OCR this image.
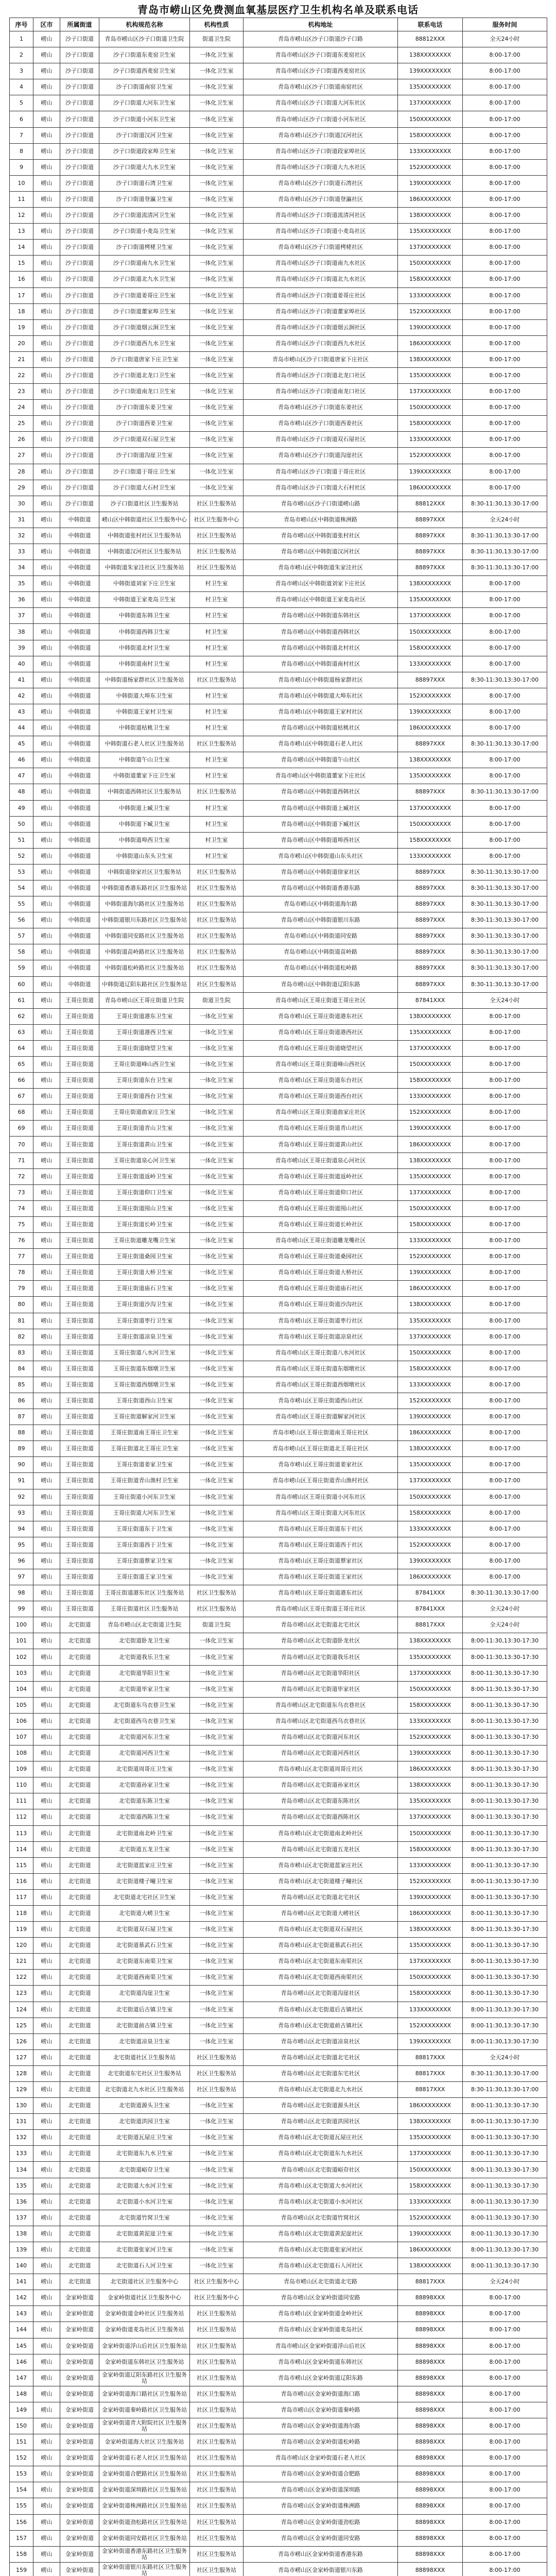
青岛市崂山区免费测血氧基层医疗卫生机构名单及联系电话
序号	区市	所属街道	机构规范名称	机构性质	机构地址	联系电话	服务时间
1	崂山	沙子口街道	青岛市崂山区沙子口街道卫生院	街道卫生院	青岛市崂山区沙子口街道沙子口路	88812XXX	全天24小时
2	崂山	沙子口街道	沙子口街道东麦窑卫生室	一体化卫生室	青岛市崂山区沙子口街道东麦窑社区	138XXXXXXXX	8:00-17:00
3	崂山	沙子口街道	沙子口街道西麦窑卫生室	一体化卫生室	青岛市崂山区沙子口街道西麦窑社区	139XXXXXXXX	8:00-17:00
4	崂山	沙子口街道	沙子口街道南窑卫生室	一体化卫生室	青岛市崂山区沙子口街道南窑社区	135XXXXXXXX	8:00-17:00
5	崂山	沙子口街道	沙子口街道大河东卫生室	一体化卫生室	青岛市崂山区沙子口街道大河东社区	137XXXXXXXX	8:00-17:00
6	崂山	沙子口街道	沙子口街道小河东卫生室	一体化卫生室	青岛市崂山区沙子口街道小河东社区	150XXXXXXXX	8:00-17:00
7	崂山	沙子口街道	沙子口街道汉河卫生室	一体化卫生室	青岛市崂山区沙子口街道汉河社区	158XXXXXXXX	8:00-17:00
8	崂山	沙子口街道	沙子口街道段家埠卫生室	一体化卫生室	青岛市崂山区沙子口街道段家埠社区	133XXXXXXXX	8:00-17:00
9	崂山	沙子口街道	沙子口街道大九水卫生室	一体化卫生室	青岛市崂山区沙子口街道大九水社区	152XXXXXXXX	8:00-17:00
10	崂山	沙子口街道	沙子口街道石湾卫生室	一体化卫生室	青岛市崂山区沙子口街道石湾社区	139XXXXXXXX	8:00-17:00
11	崂山	沙子口街道	沙子口街道登瀛卫生室	一体化卫生室	青岛市崂山区沙子口街道登瀛社区	186XXXXXXXX	8:00-17:00
12	崂山	沙子口街道	沙子口街道流清河卫生室	一体化卫生室	青岛市崂山区沙子口街道流清河社区	138XXXXXXXX	8:00-17:00
13	崂山	沙子口街道	沙子口街道小麦岛卫生室	一体化卫生室	青岛市崂山区沙子口街道小麦岛社区	135XXXXXXXX	8:00-17:00
14	崂山	沙子口街道	沙子口街道栲栳卫生室	一体化卫生室	青岛市崂山区沙子口街道栲栳社区	137XXXXXXXX	8:00-17:00
15	崂山	沙子口街道	沙子口街道南九水卫生室	一体化卫生室	青岛市崂山区沙子口街道南九水社区	150XXXXXXXX	8:00-17:00
16	崂山	沙子口街道	沙子口街道北九水卫生室	一体化卫生室	青岛市崂山区沙子口街道北九水社区	158XXXXXXXX	8:00-17:00
17	崂山	沙子口街道	沙子口街道姜哥庄卫生室	一体化卫生室	青岛市崂山区沙子口街道姜哥庄社区	133XXXXXXXX	8:00-17:00
18	崂山	沙子口街道	沙子口街道董家埠卫生室	一体化卫生室	青岛市崂山区沙子口街道董家埠社区	152XXXXXXXX	8:00-17:00
19	崂山	沙子口街道	沙子口街道烟云涧卫生室	一体化卫生室	青岛市崂山区沙子口街道烟云涧社区	139XXXXXXXX	8:00-17:00
20	崂山	沙子口街道	沙子口街道西九水卫生室	一体化卫生室	青岛市崂山区沙子口街道西九水社区	186XXXXXXXX	8:00-17:00
21	崂山	沙子口街道	沙子口街道唐家下庄卫生室	一体化卫生室	青岛市崂山区沙子口街道唐家下庄社区	138XXXXXXXX	8:00-17:00
22	崂山	沙子口街道	沙子口街道北龙口卫生室	一体化卫生室	青岛市崂山区沙子口街道北龙口社区	135XXXXXXXX	8:00-17:00
23	崂山	沙子口街道	沙子口街道南龙口卫生室	一体化卫生室	青岛市崂山区沙子口街道南龙口社区	137XXXXXXXX	8:00-17:00
24	崂山	沙子口街道	沙子口街道东姜卫生室	一体化卫生室	青岛市崂山区沙子口街道东姜社区	150XXXXXXXX	8:00-17:00
25	崂山	沙子口街道	沙子口街道西姜卫生室	一体化卫生室	青岛市崂山区沙子口街道西姜社区	158XXXXXXXX	8:00-17:00
26	崂山	沙子口街道	沙子口街道双石屋卫生室	一体化卫生室	青岛市崂山区沙子口街道双石屋社区	133XXXXXXXX	8:00-17:00
27	崂山	沙子口街道	沙子口街道沟崖卫生室	一体化卫生室	青岛市崂山区沙子口街道沟崖社区	152XXXXXXXX	8:00-17:00
28	崂山	沙子口街道	沙子口街道于哥庄卫生室	一体化卫生室	青岛市崂山区沙子口街道于哥庄社区	139XXXXXXXX	8:00-17:00
29	崂山	沙子口街道	沙子口街道大石村卫生室	一体化卫生室	青岛市崂山区沙子口街道大石村社区	186XXXXXXXX	8:00-17:00
30	崂山	沙子口街道	沙子口街道社区卫生服务站	社区卫生服务站	青岛市崂山区沙子口街道崂山路	88812XXX	8:30-11:30,13:30-17:00
31	崂山	中韩街道	崂山区中韩街道社区卫生服务中心	社区卫生服务中心	青岛市崂山区中韩街道株洲路	88897XXX	全天24小时
32	崂山	中韩街道	中韩街道张村社区卫生服务站	社区卫生服务站	青岛市崂山区中韩街道张村社区	88897XXX	8:30-11:30,13:30-17:00
33	崂山	中韩街道	中韩街道汉河社区卫生服务站	社区卫生服务站	青岛市崂山区中韩街道汉河社区	88897XXX	8:30-11:30,13:30-17:00
34	崂山	中韩街道	中韩街道朱家洼社区卫生服务站	社区卫生服务站	青岛市崂山区中韩街道朱家洼社区	88897XXX	8:30-11:30,13:30-17:00
35	崂山	中韩街道	中韩街道刘家下庄卫生室	村卫生室	青岛市崂山区中韩街道刘家下庄社区	138XXXXXXXX	8:00-17:00
36	崂山	中韩街道	中韩街道王家麦岛卫生室	村卫生室	青岛市崂山区中韩街道王家麦岛社区	135XXXXXXXX	8:00-17:00
37	崂山	中韩街道	中韩街道东韩卫生室	村卫生室	青岛市崂山区中韩街道东韩社区	137XXXXXXXX	8:00-17:00
38	崂山	中韩街道	中韩街道西韩卫生室	村卫生室	青岛市崂山区中韩街道西韩社区	150XXXXXXXX	8:00-17:00
39	崂山	中韩街道	中韩街道北村卫生室	村卫生室	青岛市崂山区中韩街道北村社区	158XXXXXXXX	8:00-17:00
40	崂山	中韩街道	中韩街道南村卫生室	村卫生室	青岛市崂山区中韩街道南村社区	133XXXXXXXX	8:00-17:00
41	崂山	中韩街道	中韩街道杨家群社区卫生服务站	社区卫生服务站	青岛市崂山区中韩街道杨家群社区	88897XXX	8:30-11:30,13:30-17:00
42	崂山	中韩街道	中韩街道大埠东卫生室	村卫生室	青岛市崂山区中韩街道大埠东社区	152XXXXXXXX	8:00-17:00
43	崂山	中韩街道	中韩街道王家村卫生室	村卫生室	青岛市崂山区中韩街道王家村社区	139XXXXXXXX	8:00-17:00
44	崂山	中韩街道	中韩街道枯桃卫生室	村卫生室	青岛市崂山区中韩街道枯桃社区	186XXXXXXXX	8:00-17:00
45	崂山	中韩街道	中韩街道石老人社区卫生服务站	社区卫生服务站	青岛市崂山区中韩街道石老人社区	88897XXX	8:30-11:30,13:30-17:00
46	崂山	中韩街道	中韩街道午山卫生室	村卫生室	青岛市崂山区中韩街道午山社区	138XXXXXXXX	8:00-17:00
47	崂山	中韩街道	中韩街道董家下庄卫生室	村卫生室	青岛市崂山区中韩街道董家下庄社区	135XXXXXXXX	8:00-17:00
48	崂山	中韩街道	中韩街道西韩社区卫生服务站	社区卫生服务站	青岛市崂山区中韩街道西韩社区	88897XXX	8:30-11:30,13:30-17:00
49	崂山	中韩街道	中韩街道上臧卫生室	村卫生室	青岛市崂山区中韩街道上臧社区	137XXXXXXXX	8:00-17:00
50	崂山	中韩街道	中韩街道下臧卫生室	村卫生室	青岛市崂山区中韩街道下臧社区	150XXXXXXXX	8:00-17:00
51	崂山	中韩街道	中韩街道埠西卫生室	村卫生室	青岛市崂山区中韩街道埠西社区	158XXXXXXXX	8:00-17:00
52	崂山	中韩街道	中韩街道山东头卫生室	村卫生室	青岛市崂山区中韩街道山东头社区	133XXXXXXXX	8:00-17:00
53	崂山	中韩街道	中韩街道徐家社区卫生服务站	社区卫生服务站	青岛市崂山区中韩街道徐家社区	88897XXX	8:30-11:30,13:30-17:00
54	崂山	中韩街道	中韩街道香港东路社区卫生服务站	社区卫生服务站	青岛市崂山区中韩街道香港东路	88897XXX	8:30-11:30,13:30-17:00
55	崂山	中韩街道	中韩街道海尔路社区卫生服务站	社区卫生服务站	青岛市崂山区中韩街道海尔路	88897XXX	8:30-11:30,13:30-17:00
56	崂山	中韩街道	中韩街道银川东路社区卫生服务站	社区卫生服务站	青岛市崂山区中韩街道银川东路	88897XXX	8:30-11:30,13:30-17:00
57	崂山	中韩街道	中韩街道同安路社区卫生服务站	社区卫生服务站	青岛市崂山区中韩街道同安路	88897XXX	8:30-11:30,13:30-17:00
58	崂山	中韩街道	中韩街道苗岭路社区卫生服务站	社区卫生服务站	青岛市崂山区中韩街道苗岭路	88897XXX	8:30-11:30,13:30-17:00
59	崂山	中韩街道	中韩街道松岭路社区卫生服务站	社区卫生服务站	青岛市崂山区中韩街道松岭路	88897XXX	8:30-11:30,13:30-17:00
60	崂山	中韩街道	中韩街道辽阳东路社区卫生服务站	社区卫生服务站	青岛市崂山区中韩街道辽阳东路	88897XXX	8:30-11:30,13:30-17:00
61	崂山	王哥庄街道	青岛市崂山区王哥庄街道卫生院	街道卫生院	青岛市崂山区王哥庄街道王哥庄社区	87841XXX	全天24小时
62	崂山	王哥庄街道	王哥庄街道港东卫生室	一体化卫生室	青岛市崂山区王哥庄街道港东社区	138XXXXXXXX	8:00-17:00
63	崂山	王哥庄街道	王哥庄街道港西卫生室	一体化卫生室	青岛市崂山区王哥庄街道港西社区	135XXXXXXXX	8:00-17:00
64	崂山	王哥庄街道	王哥庄街道晓望卫生室	一体化卫生室	青岛市崂山区王哥庄街道晓望社区	137XXXXXXXX	8:00-17:00
65	崂山	王哥庄街道	王哥庄街道峰山西卫生室	一体化卫生室	青岛市崂山区王哥庄街道峰山西社区	150XXXXXXXX	8:00-17:00
66	崂山	王哥庄街道	王哥庄街道东台卫生室	一体化卫生室	青岛市崂山区王哥庄街道东台社区	158XXXXXXXX	8:00-17:00
67	崂山	王哥庄街道	王哥庄街道西台卫生室	一体化卫生室	青岛市崂山区王哥庄街道西台社区	133XXXXXXXX	8:00-17:00
68	崂山	王哥庄街道	王哥庄街道曲家庄卫生室	一体化卫生室	青岛市崂山区王哥庄街道曲家庄社区	152XXXXXXXX	8:00-17:00
69	崂山	王哥庄街道	王哥庄街道青山卫生室	一体化卫生室	青岛市崂山区王哥庄街道青山社区	139XXXXXXXX	8:00-17:00
70	崂山	王哥庄街道	王哥庄街道黄山卫生室	一体化卫生室	青岛市崂山区王哥庄街道黄山社区	186XXXXXXXX	8:00-17:00
71	崂山	王哥庄街道	王哥庄街道泉心河卫生室	一体化卫生室	青岛市崂山区王哥庄街道泉心河社区	138XXXXXXXX	8:00-17:00
72	崂山	王哥庄街道	王哥庄街道返岭卫生室	一体化卫生室	青岛市崂山区王哥庄街道返岭社区	135XXXXXXXX	8:00-17:00
73	崂山	王哥庄街道	王哥庄街道仰口卫生室	一体化卫生室	青岛市崂山区王哥庄街道仰口社区	137XXXXXXXX	8:00-17:00
74	崂山	王哥庄街道	王哥庄街道囤山卫生室	一体化卫生室	青岛市崂山区王哥庄街道囤山社区	150XXXXXXXX	8:00-17:00
75	崂山	王哥庄街道	王哥庄街道长岭卫生室	一体化卫生室	青岛市崂山区王哥庄街道长岭社区	158XXXXXXXX	8:00-17:00
76	崂山	王哥庄街道	王哥庄街道雕龙嘴卫生室	一体化卫生室	青岛市崂山区王哥庄街道雕龙嘴社区	133XXXXXXXX	8:00-17:00
77	崂山	王哥庄街道	王哥庄街道桑园卫生室	一体化卫生室	青岛市崂山区王哥庄街道桑园社区	152XXXXXXXX	8:00-17:00
78	崂山	王哥庄街道	王哥庄街道大桥卫生室	一体化卫生室	青岛市崂山区王哥庄街道大桥社区	139XXXXXXXX	8:00-17:00
79	崂山	王哥庄街道	王哥庄街道庙石卫生室	一体化卫生室	青岛市崂山区王哥庄街道庙石社区	186XXXXXXXX	8:00-17:00
80	崂山	王哥庄街道	王哥庄街道沙沟卫生室	一体化卫生室	青岛市崂山区王哥庄街道沙沟社区	138XXXXXXXX	8:00-17:00
81	崂山	王哥庄街道	王哥庄街道枣行卫生室	一体化卫生室	青岛市崂山区王哥庄街道枣行社区	135XXXXXXXX	8:00-17:00
82	崂山	王哥庄街道	王哥庄街道凉泉卫生室	一体化卫生室	青岛市崂山区王哥庄街道凉泉社区	137XXXXXXXX	8:00-17:00
83	崂山	王哥庄街道	王哥庄街道八水河卫生室	一体化卫生室	青岛市崂山区王哥庄街道八水河社区	150XXXXXXXX	8:00-17:00
84	崂山	王哥庄街道	王哥庄街道东烟墩卫生室	一体化卫生室	青岛市崂山区王哥庄街道东烟墩社区	158XXXXXXXX	8:00-17:00
85	崂山	王哥庄街道	王哥庄街道西烟墩卫生室	一体化卫生室	青岛市崂山区王哥庄街道西烟墩社区	133XXXXXXXX	8:00-17:00
86	崂山	王哥庄街道	王哥庄街道西山卫生室	一体化卫生室	青岛市崂山区王哥庄街道西山社区	152XXXXXXXX	8:00-17:00
87	崂山	王哥庄街道	王哥庄街道解家河卫生室	一体化卫生室	青岛市崂山区王哥庄街道解家河社区	139XXXXXXXX	8:00-17:00
88	崂山	王哥庄街道	王哥庄街道南王哥庄卫生室	一体化卫生室	青岛市崂山区王哥庄街道南王哥庄社区	186XXXXXXXX	8:00-17:00
89	崂山	王哥庄街道	王哥庄街道北王哥庄卫生室	一体化卫生室	青岛市崂山区王哥庄街道北王哥庄社区	138XXXXXXXX	8:00-17:00
90	崂山	王哥庄街道	王哥庄街道姜家卫生室	一体化卫生室	青岛市崂山区王哥庄街道姜家社区	135XXXXXXXX	8:00-17:00
91	崂山	王哥庄街道	王哥庄街道青山渔村卫生室	一体化卫生室	青岛市崂山区王哥庄街道青山渔村社区	137XXXXXXXX	8:00-17:00
92	崂山	王哥庄街道	王哥庄街道小河东卫生室	一体化卫生室	青岛市崂山区王哥庄街道小河东社区	150XXXXXXXX	8:00-17:00
93	崂山	王哥庄街道	王哥庄街道大河东卫生室	一体化卫生室	青岛市崂山区王哥庄街道大河东社区	158XXXXXXXX	8:00-17:00
94	崂山	王哥庄街道	王哥庄街道东于卫生室	一体化卫生室	青岛市崂山区王哥庄街道东于社区	133XXXXXXXX	8:00-17:00
95	崂山	王哥庄街道	王哥庄街道西于卫生室	一体化卫生室	青岛市崂山区王哥庄街道西于社区	152XXXXXXXX	8:00-17:00
96	崂山	王哥庄街道	王哥庄街道蔡家卫生室	一体化卫生室	青岛市崂山区王哥庄街道蔡家社区	139XXXXXXXX	8:00-17:00
97	崂山	王哥庄街道	王哥庄街道王家卫生室	一体化卫生室	青岛市崂山区王哥庄街道王家社区	186XXXXXXXX	8:00-17:00
98	崂山	王哥庄街道	王哥庄街道港东社区卫生服务站	社区卫生服务站	青岛市崂山区王哥庄街道港东社区	87841XXX	8:30-11:30,13:30-17:00
99	崂山	王哥庄街道	王哥庄街道社区卫生服务站	社区卫生服务站	青岛市崂山区王哥庄街道王哥庄社区	87841XXX	全天24小时
100	崂山	北宅街道	青岛市崂山区北宅街道卫生院	街道卫生院	青岛市崂山区北宅街道北宅社区	88817XXX	全天24小时
101	崂山	北宅街道	北宅街道卧龙卫生室	一体化卫生室	青岛市崂山区北宅街道卧龙社区	138XXXXXXXX	8:00-11:30,13:30-17:30
102	崂山	北宅街道	北宅街道我乐卫生室	一体化卫生室	青岛市崂山区北宅街道我乐社区	135XXXXXXXX	8:00-11:30,13:30-17:30
103	崂山	北宅街道	北宅街道华阳卫生室	一体化卫生室	青岛市崂山区北宅街道华阳社区	137XXXXXXXX	8:00-11:30,13:30-17:30
104	崂山	北宅街道	北宅街道毕家卫生室	一体化卫生室	青岛市崂山区北宅街道毕家社区	150XXXXXXXX	8:00-11:30,13:30-17:30
105	崂山	北宅街道	北宅街道东乌衣巷卫生室	一体化卫生室	青岛市崂山区北宅街道东乌衣巷社区	158XXXXXXXX	8:00-11:30,13:30-17:30
106	崂山	北宅街道	北宅街道西乌衣巷卫生室	一体化卫生室	青岛市崂山区北宅街道西乌衣巷社区	133XXXXXXXX	8:00-11:30,13:30-17:30
107	崂山	北宅街道	北宅街道河东卫生室	一体化卫生室	青岛市崂山区北宅街道河东社区	152XXXXXXXX	8:00-11:30,13:30-17:30
108	崂山	北宅街道	北宅街道河西卫生室	一体化卫生室	青岛市崂山区北宅街道河西社区	139XXXXXXXX	8:00-11:30,13:30-17:30
109	崂山	北宅街道	北宅街道周哥庄卫生室	一体化卫生室	青岛市崂山区北宅街道周哥庄社区	186XXXXXXXX	8:00-11:30,13:30-17:30
110	崂山	北宅街道	北宅街道孙家卫生室	一体化卫生室	青岛市崂山区北宅街道孙家社区	138XXXXXXXX	8:00-11:30,13:30-17:30
111	崂山	北宅街道	北宅街道东陈卫生室	一体化卫生室	青岛市崂山区北宅街道东陈社区	135XXXXXXXX	8:00-11:30,13:30-17:30
112	崂山	北宅街道	北宅街道西陈卫生室	一体化卫生室	青岛市崂山区北宅街道西陈社区	137XXXXXXXX	8:00-11:30,13:30-17:30
113	崂山	北宅街道	北宅街道南北岭卫生室	一体化卫生室	青岛市崂山区北宅街道南北岭社区	150XXXXXXXX	8:00-11:30,13:30-17:30
114	崂山	北宅街道	北宅街道五龙卫生室	一体化卫生室	青岛市崂山区北宅街道五龙社区	158XXXXXXXX	8:00-11:30,13:30-17:30
115	崂山	北宅街道	北宅街道蓝家庄卫生室	一体化卫生室	青岛市崂山区北宅街道蓝家庄社区	133XXXXXXXX	8:00-11:30,13:30-17:30
116	崂山	北宅街道	北宅街道楼子疃卫生室	一体化卫生室	青岛市崂山区北宅街道楼子疃社区	152XXXXXXXX	8:00-11:30,13:30-17:30
117	崂山	北宅街道	北宅街道北宅社区卫生室	一体化卫生室	青岛市崂山区北宅街道北宅社区	139XXXXXXXX	8:00-11:30,13:30-17:30
118	崂山	北宅街道	北宅街道大崂卫生室	一体化卫生室	青岛市崂山区北宅街道大崂社区	186XXXXXXXX	8:00-11:30,13:30-17:30
119	崂山	北宅街道	北宅街道双石屋卫生室	一体化卫生室	青岛市崂山区北宅街道双石屋社区	138XXXXXXXX	8:00-11:30,13:30-17:30
120	崂山	北宅街道	北宅街道慕武石卫生室	一体化卫生室	青岛市崂山区北宅街道慕武石社区	135XXXXXXXX	8:00-11:30,13:30-17:30
121	崂山	北宅街道	北宅街道东南渠卫生室	一体化卫生室	青岛市崂山区北宅街道东南渠社区	137XXXXXXXX	8:00-11:30,13:30-17:30
122	崂山	北宅街道	北宅街道西南渠卫生室	一体化卫生室	青岛市崂山区北宅街道西南渠社区	150XXXXXXXX	8:00-11:30,13:30-17:30
123	崂山	北宅街道	北宅街道沟崖卫生室	一体化卫生室	青岛市崂山区北宅街道沟崖社区	158XXXXXXXX	8:00-11:30,13:30-17:30
124	崂山	北宅街道	北宅街道后古镇卫生室	一体化卫生室	青岛市崂山区北宅街道后古镇社区	133XXXXXXXX	8:00-11:30,13:30-17:30
125	崂山	北宅街道	北宅街道前古镇卫生室	一体化卫生室	青岛市崂山区北宅街道前古镇社区	152XXXXXXXX	8:00-11:30,13:30-17:30
126	崂山	北宅街道	北宅街道凉泉卫生室	一体化卫生室	青岛市崂山区北宅街道凉泉社区	139XXXXXXXX	8:00-11:30,13:30-17:30
127	崂山	北宅街道	北宅街道社区卫生服务站	社区卫生服务站	青岛市崂山区北宅街道北宅社区	88817XXX	全天24小时
128	崂山	北宅街道	北宅街道东宅社区卫生服务站	社区卫生服务站	青岛市崂山区北宅街道东宅社区	88817XXX	8:30-11:30,13:30-17:00
129	崂山	北宅街道	北宅街道北九水社区卫生服务站	社区卫生服务站	青岛市崂山区北宅街道北九水社区	88817XXX	8:30-11:30,13:30-17:00
130	崂山	北宅街道	北宅街道源头卫生室	一体化卫生室	青岛市崂山区北宅街道源头社区	186XXXXXXXX	8:00-11:30,13:30-17:30
131	崂山	北宅街道	北宅街道洪园卫生室	一体化卫生室	青岛市崂山区北宅街道洪园社区	138XXXXXXXX	8:00-11:30,13:30-17:30
132	崂山	北宅街道	北宅街道瓦屋庄卫生室	一体化卫生室	青岛市崂山区北宅街道瓦屋庄社区	135XXXXXXXX	8:00-11:30,13:30-17:30
133	崂山	北宅街道	北宅街道东九水卫生室	一体化卫生室	青岛市崂山区北宅街道东九水社区	137XXXXXXXX	8:00-11:30,13:30-17:30
134	崂山	北宅街道	北宅街道峪夼卫生室	一体化卫生室	青岛市崂山区北宅街道峪夼社区	150XXXXXXXX	8:00-11:30,13:30-17:30
135	崂山	北宅街道	北宅街道大水河卫生室	一体化卫生室	青岛市崂山区北宅街道大水河社区	158XXXXXXXX	8:00-11:30,13:30-17:30
136	崂山	北宅街道	北宅街道小水河卫生室	一体化卫生室	青岛市崂山区北宅街道小水河社区	133XXXXXXXX	8:00-11:30,13:30-17:30
137	崂山	北宅街道	北宅街道竹窝卫生室	一体化卫生室	青岛市崂山区北宅街道竹窝社区	152XXXXXXXX	8:00-11:30,13:30-17:30
138	崂山	北宅街道	北宅街道黄泥崖卫生室	一体化卫生室	青岛市崂山区北宅街道黄泥崖社区	139XXXXXXXX	8:00-11:30,13:30-17:30
139	崂山	北宅街道	北宅街道张家河卫生室	一体化卫生室	青岛市崂山区北宅街道张家河社区	186XXXXXXXX	8:00-11:30,13:30-17:30
140	崂山	北宅街道	北宅街道石人河卫生室	一体化卫生室	青岛市崂山区北宅街道石人河社区	138XXXXXXXX	8:00-11:30,13:30-17:30
141	崂山	北宅街道	北宅街道社区卫生服务中心	社区卫生服务中心	青岛市崂山区北宅街道北宅路	88817XXX	全天24小时
142	崂山	金家岭街道	金家岭街道社区卫生服务中心	社区卫生服务中心	青岛市崂山区金家岭街道同安路	88898XXX	8:00-17:00
143	崂山	金家岭街道	金家岭街道金岭社区卫生服务站	社区卫生服务站	青岛市崂山区金家岭街道金岭社区	88898XXX	8:00-17:00
144	崂山	金家岭街道	金家岭街道麦岛社区卫生服务站	社区卫生服务站	青岛市崂山区金家岭街道麦岛社区	88898XXX	8:00-17:00
145	崂山	金家岭街道	金家岭街道浮山后社区卫生服务站	社区卫生服务站	青岛市崂山区金家岭街道浮山后社区	88898XXX	8:00-17:00
146	崂山	金家岭街道	金家岭街道东韩社区卫生服务站	社区卫生服务站	青岛市崂山区金家岭街道东韩社区	88898XXX	8:00-17:00
147	崂山	金家岭街道	金家岭街道辽阳东路社区卫生服务站	社区卫生服务站	青岛市崂山区金家岭街道辽阳东路	88898XXX	8:00-17:00
148	崂山	金家岭街道	金家岭街道海口路社区卫生服务站	社区卫生服务站	青岛市崂山区金家岭街道海口路	88898XXX	8:00-17:00
149	崂山	金家岭街道	金家岭街道秦岭路社区卫生服务站	社区卫生服务站	青岛市崂山区金家岭街道秦岭路	88898XXX	8:00-17:00
150	崂山	金家岭街道	金家岭街道青大附院社区卫生服务站	社区卫生服务站	青岛市崂山区金家岭街道海尔路	88898XXX	8:00-17:00
151	崂山	金家岭街道	金家岭街道海大社区卫生服务站	社区卫生服务站	青岛市崂山区金家岭街道松岭路	88898XXX	8:00-17:00
152	崂山	金家岭街道	金家岭街道石老人社区卫生服务站	社区卫生服务站	青岛市崂山区金家岭街道石老人社区	88898XXX	8:00-17:00
153	崂山	金家岭街道	金家岭街道合肥路社区卫生服务站	社区卫生服务站	青岛市崂山区金家岭街道合肥路	88898XXX	8:00-17:00
154	崂山	金家岭街道	金家岭街道深圳路社区卫生服务站	社区卫生服务站	青岛市崂山区金家岭街道深圳路	88898XXX	8:00-17:00
155	崂山	金家岭街道	金家岭街道株洲路社区卫生服务站	社区卫生服务站	青岛市崂山区金家岭街道株洲路	88898XXX	8:00-17:00
156	崂山	金家岭街道	金家岭街道劲松路社区卫生服务站	社区卫生服务站	青岛市崂山区金家岭街道劲松路	88898XXX	8:00-17:00
157	崂山	金家岭街道	金家岭街道同安路社区卫生服务站	社区卫生服务站	青岛市崂山区金家岭街道同安路	88898XXX	8:00-17:00
158	崂山	金家岭街道	金家岭街道香港东路社区卫生服务站	社区卫生服务站	青岛市崂山区金家岭街道香港东路	88898XXX	8:00-17:00
159	崂山	金家岭街道	金家岭街道银川东路社区卫生服务站	社区卫生服务站	青岛市崂山区金家岭街道银川东路	88898XXX	8:00-17:00
